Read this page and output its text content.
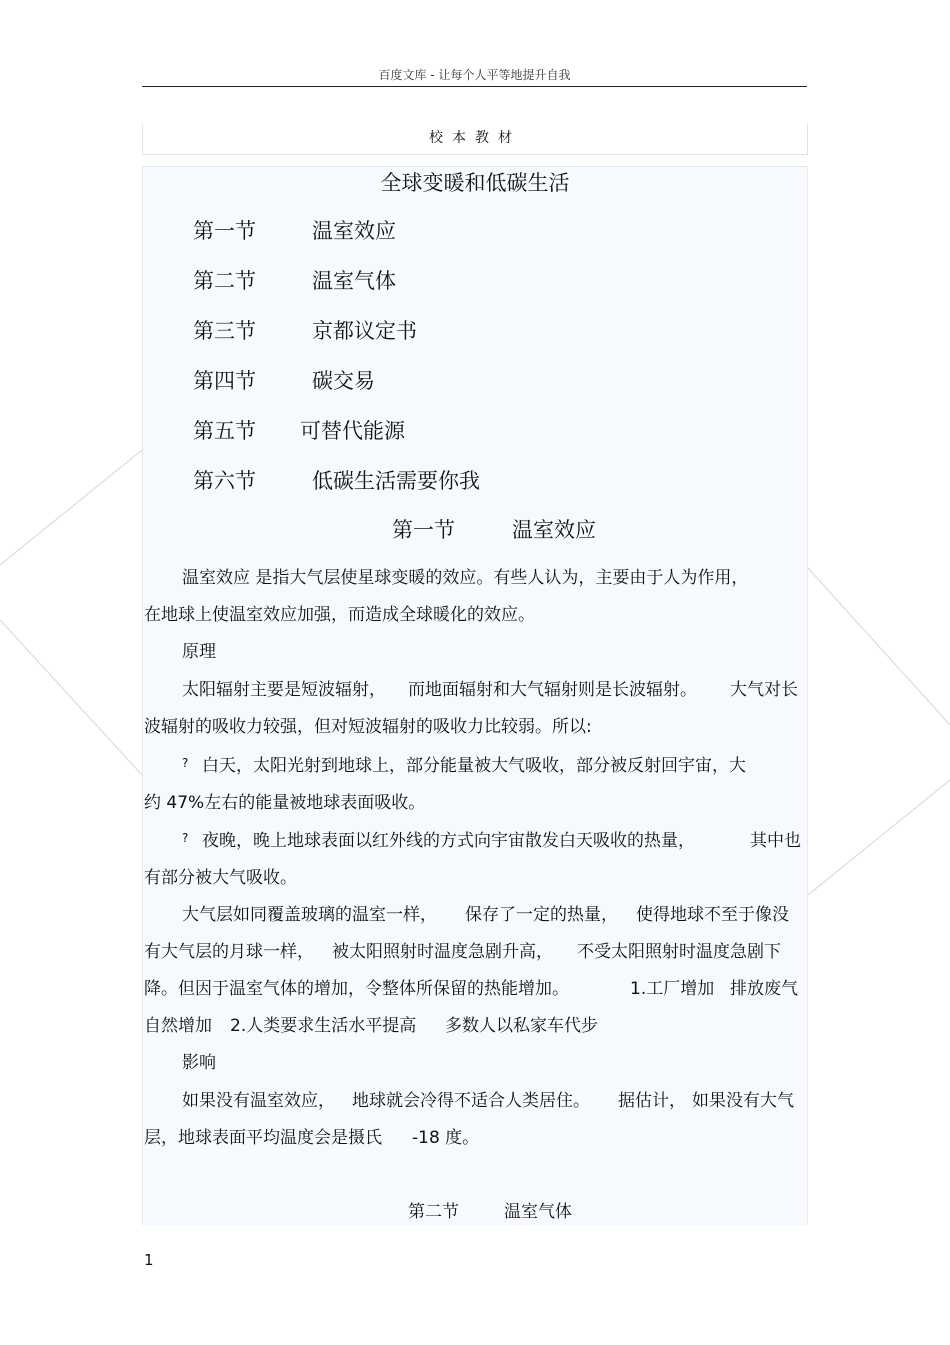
百度文库 - 让每个人平等地提升自我
校本教材
全球变暖和低碳生活
第一节	温室效应
第二节	温室气体
第三节	京都议定书
第四节	碳交易
第五节 可替代能源
第六节	低碳生活需要你我
第一节	温室效应
温室效应 是指大气层使星球变暖的效应。有些人认为，主要由于人为作用，
在地球上使温室效应加强，而造成全球暖化的效应。
原理
太阳辐射主要是短波辐射， 而地面辐射和大气辐射则是长波辐射。 大气对长
波辐射的吸收力较强，但对短波辐射的吸收力比较弱。所以:
? 白天，太阳光射到地球上，部分能量被大气吸收，部分被反射回宇宙，大
约 47%左右的能量被地球表面吸收。
? 夜晚，晚上地球表面以红外线的方式向宇宙散发白天吸收的热量，	其中也
有部分被大气吸收。
大气层如同覆盖玻璃的温室一样， 保存了一定的热量， 使得地球不至于像没
有大气层的月球一样， 被太阳照射时温度急剧升高， 不受太阳照射时温度急剧下
降。但因于温室气体的增加，令整体所保留的热能增加。	1.工厂增加 排放废气
自然增加 2.人类要求生活水平提高 多数人以私家车代步
影响
如果没有温室效应， 地球就会冷得不适合人类居住。 据估计， 如果没有大气
层，地球表面平均温度会是摄氏 -18 度。
第二节	温室气体
1
